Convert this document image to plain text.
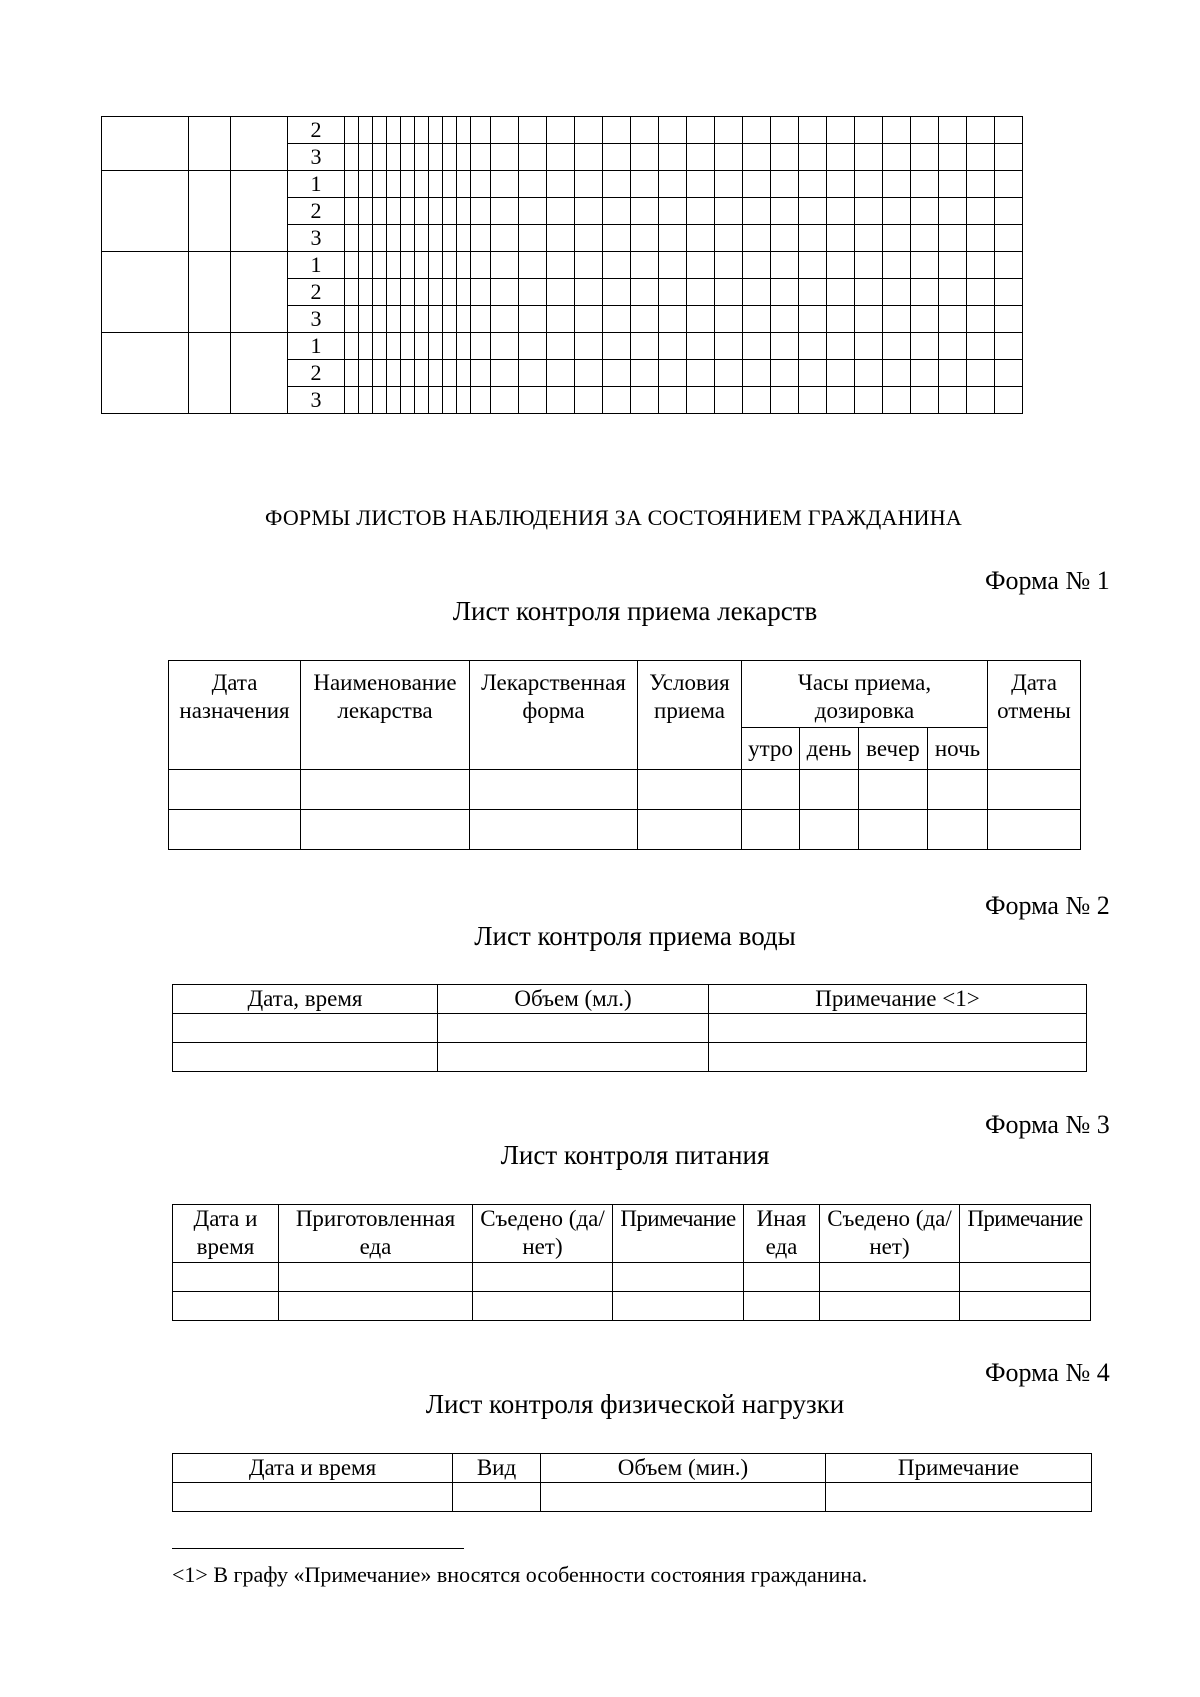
			2																													
			3																													
			1																													
			2																													
			3																													
			1																													
			2																													
			3																													
			1																													
			2																													
			3																													
ФОРМЫ ЛИСТОВ НАБЛЮДЕНИЯ ЗА СОСТОЯНИЕМ ГРАЖДАНИНА
Форма № 1
Лист контроля приема лекарств
Дата назначения	Наименование лекарства	Лекарственная форма	Условия приема	Часы приема, дозировка				Дата отмены
				утро	день	вечер	ночь	

Форма № 2
Лист контроля приема воды
Дата, время	Объем (мл.)	Примечание <1>

Форма № 3
Лист контроля питания
Дата и время	Приготовленная еда	Съедено (да/нет)	Примечание	Иная еда	Съедено (да/нет)	Примечание

Форма № 4
Лист контроля физической нагрузки
Дата и время	Вид	Объем (мин.)	Примечание

<1> В графу «Примечание» вносятся особенности состояния гражданина.
